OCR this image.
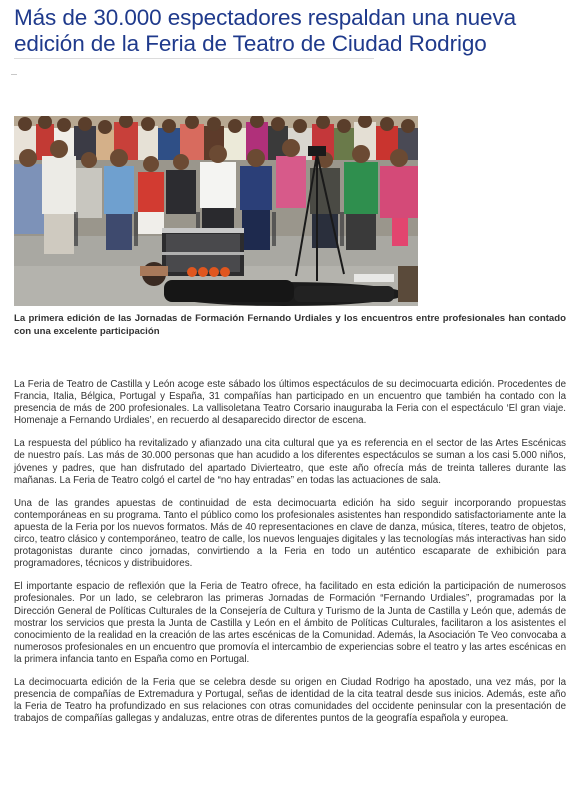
Más de 30.000 espectadores respaldan una nueva edición de la Feria de Teatro de Ciudad Rodrigo

La primera edición de las Jornadas de Formación Fernando Urdiales y los encuentros entre profesionales han contado con una excelente participación

La Feria de Teatro de Castilla y León acoge este sábado los últimos espectáculos de su decimocuarta edición. Procedentes de Francia, Italia, Bélgica, Portugal y España, 31 compañías han participado en un encuentro que también ha contado con la presencia de más de 200 profesionales. La vallisoletana Teatro Corsario inauguraba la Feria con el espectáculo ‘El gran viaje. Homenaje a Fernando Urdiales’, en recuerdo al desaparecido director de escena.

La respuesta del público ha revitalizado y afianzado una cita cultural que ya es referencia en el sector de las Artes Escénicas de nuestro país. Las más de 30.000 personas que han acudido a los diferentes espectáculos se suman a los casi 5.000 niños, jóvenes y padres, que han disfrutado del apartado Divierteatro, que este año ofrecía más de treinta talleres durante las mañanas. La Feria de Teatro colgó el cartel de “no hay entradas” en todas las actuaciones de sala.

Una de las grandes apuestas de continuidad de esta decimocuarta edición ha sido seguir incorporando propuestas contemporáneas en su programa. Tanto el público como los profesionales asistentes han respondido satisfactoriamente ante la apuesta de la Feria por los nuevos formatos. Más de 40 representaciones en clave de danza, música, títeres, teatro de objetos, circo, teatro clásico y contemporáneo, teatro de calle, los nuevos lenguajes digitales y las tecnologías más interactivas han sido protagonistas durante cinco jornadas, convirtiendo a la Feria en todo un auténtico escaparate de exhibición para programadores, técnicos y distribuidores.

El importante espacio de reflexión que la Feria de Teatro ofrece, ha facilitado en esta edición la participación de numerosos profesionales. Por un lado, se celebraron las primeras Jornadas de Formación “Fernando Urdiales”, programadas por la Dirección General de Políticas Culturales de la Consejería de Cultura y Turismo de la Junta de Castilla y León que, además de mostrar los servicios que presta la Junta de Castilla y León en el ámbito de Políticas Culturales, facilitaron a los asistentes el conocimiento de la realidad en la creación de las artes escénicas de la Comunidad. Además, la Asociación Te Veo convocaba a numerosos profesionales en un encuentro que promovía el intercambio de experiencias sobre el teatro y las artes escénicas en la primera infancia tanto en España como en Portugal.

La decimocuarta edición de la Feria que se celebra desde su origen en Ciudad Rodrigo ha apostado, una vez más, por la presencia de compañías de Extremadura y Portugal, señas de identidad de la cita teatral desde sus inicios. Además, este año la Feria de Teatro ha profundizado en sus relaciones con otras comunidades del occidente peninsular con la presentación de trabajos de compañías gallegas y andaluzas, entre otras de diferentes puntos de la geografía española y europea.
